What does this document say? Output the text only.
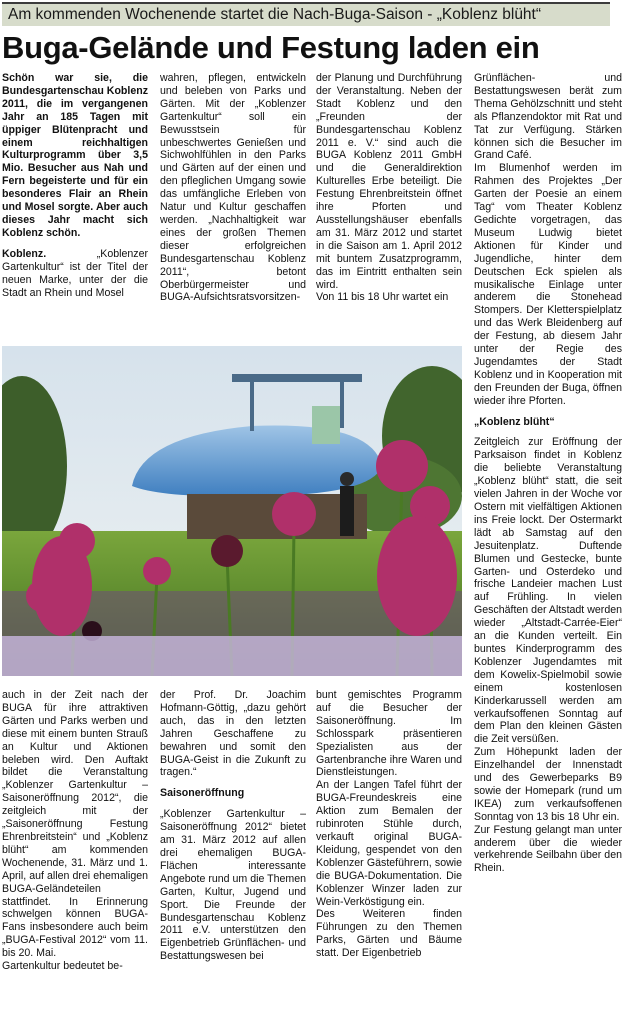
Am kommenden Wochenende startet die Nach-Buga-Saison - „Koblenz blüht“
Buga-Gelände und Festung laden ein

Schön war sie, die Bundesgartenschau Koblenz 2011, die im vergangenen Jahr an 185 Tagen mit üppiger Blütenpracht und einem reichhaltigen Kulturprogramm über 3,5 Mio. Besucher aus Nah und Fern begeisterte und für ein besonderes Flair an Rhein und Mosel sorgte. Aber auch dieses Jahr macht sich Koblenz schön.

Koblenz. „Koblenzer Gartenkultur“ ist der Titel der neuen Marke, unter der die Stadt an Rhein und Mosel

wahren, pflegen, entwickeln und beleben von Parks und Gärten. Mit der „Koblenzer Gartenkultur“ soll ein Bewusstsein für unbeschwertes Genießen und Sichwohlfühlen in den Parks und Gärten auf der einen und den pfleglichen Umgang sowie das umfängliche Erleben von Natur und Kultur geschaffen werden. „Nachhaltigkeit war eines der großen Themen dieser erfolgreichen Bundesgartenschau Koblenz 2011“, betont Oberbürgermeister und BUGA-Aufsichtsratsvorsitzen-

der Planung und Durchführung der Veranstaltung. Neben der Stadt Koblenz und den „Freunden der Bundesgartenschau Koblenz 2011 e. V.“ sind auch die BUGA Koblenz 2011 GmbH und die Generaldirektion Kulturelles Erbe beteiligt. Die Festung Ehrenbreitstein öffnet ihre Pforten und Ausstellungshäuser ebenfalls am 31. März 2012 und startet in die Saison am 1. April 2012 mit buntem Zusatzprogramm, das im Eintritt enthalten sein wird.

Von 11 bis 18 Uhr wartet ein

Grünflächen- und Bestattungswesen berät zum Thema Gehölzschnitt und steht als Pflanzendoktor mit Rat und Tat zur Verfügung. Stärken können sich die Besucher im Grand Café.

Im Blumenhof werden im Rahmen des Projektes „Der Garten der Poesie an einem Tag“ vom Theater Koblenz Gedichte vorgetragen, das Museum Ludwig bietet Aktionen für Kinder und Jugendliche, hinter dem Deutschen Eck spielen als musikalische Einlage unter anderem die Stonehead Stompers. Der Kletterspielplatz und das Werk Bleidenberg auf der Festung, ab diesem Jahr unter der Regie des Jugendamtes der Stadt Koblenz und in Kooperation mit den Freunden der Buga, öffnen wieder ihre Pforten.

„Koblenz blüht“

Zeitgleich zur Eröffnung der Parksaison findet in Koblenz die beliebte Veranstaltung „Koblenz blüht“ statt, die seit vielen Jahren in der Woche vor Ostern mit vielfältigen Aktionen ins Freie lockt. Der Ostermarkt lädt ab Samstag auf den Jesuitenplatz. Duftende Blumen und Gestecke, bunte Garten- und Osterdeko und frische Landeier machen Lust auf Frühling. In vielen Geschäften der Altstadt werden wieder „Altstadt-Carrée-Eier“ an die Kunden verteilt. Ein buntes Kinderprogramm des Koblenzer Jugendamtes mit dem Kowelix-Spielmobil sowie einem kostenlosen Kinderkarussell werden am verkaufsoffenen Sonntag auf dem Plan den kleinen Gästen die Zeit versüßen.

Zum Höhepunkt laden der Einzelhandel der Innenstadt und des Gewerbeparks B9 sowie der Homepark (rund um IKEA) zum verkaufsoffenen Sonntag von 13 bis 18 Uhr ein.

Zur Festung gelangt man unter anderem über die wieder verkehrende Seilbahn über den Rhein.

auch in der Zeit nach der BUGA für ihre attraktiven Gärten und Parks werben und diese mit einem bunten Strauß an Kultur und Aktionen beleben wird. Den Auftakt bildet die Veranstaltung „Koblenzer Gartenkultur – Saisoneröffnung 2012“, die zeitgleich mit der „Saisoneröffnung Festung Ehrenbreitstein“ und „Koblenz blüht“ am kommenden Wochenende, 31. März und 1. April, auf allen drei ehemaligen BUGA-Geländeteilen stattfindet. In Erinnerung schwelgen können BUGA-Fans insbesondere auch beim „BUGA-Festival 2012“ vom 11. bis 20. Mai.

Gartenkultur bedeutet be-

der Prof. Dr. Joachim Hofmann-Göttig, „dazu gehört auch, das in den letzten Jahren Geschaffene zu bewahren und somit den BUGA-Geist in die Zukunft zu tragen.“

Saisoneröffnung

„Koblenzer Gartenkultur – Saisoneröffnung 2012“ bietet am 31. März 2012 auf allen drei ehemaligen BUGA-Flächen interessante Angebote rund um die Themen Garten, Kultur, Jugend und Sport. Die Freunde der Bundesgartenschau Koblenz 2011 e.V. unterstützen den Eigenbetrieb Grünflächen- und Bestattungswesen bei

bunt gemischtes Programm auf die Besucher der Saisoneröffnung. Im Schlosspark präsentieren Spezialisten aus der Gartenbranche ihre Waren und Dienstleistungen.

An der Langen Tafel führt der BUGA-Freundeskreis eine Aktion zum Bemalen der rubinroten Stühle durch, verkauft original BUGA-Kleidung, gespendet von den Koblenzer Gästeführern, sowie die BUGA-Dokumentation. Die Koblenzer Winzer laden zur Wein-Verköstigung ein.

Des Weiteren finden Führungen zu den Themen Parks, Gärten und Bäume statt. Der Eigenbetrieb
